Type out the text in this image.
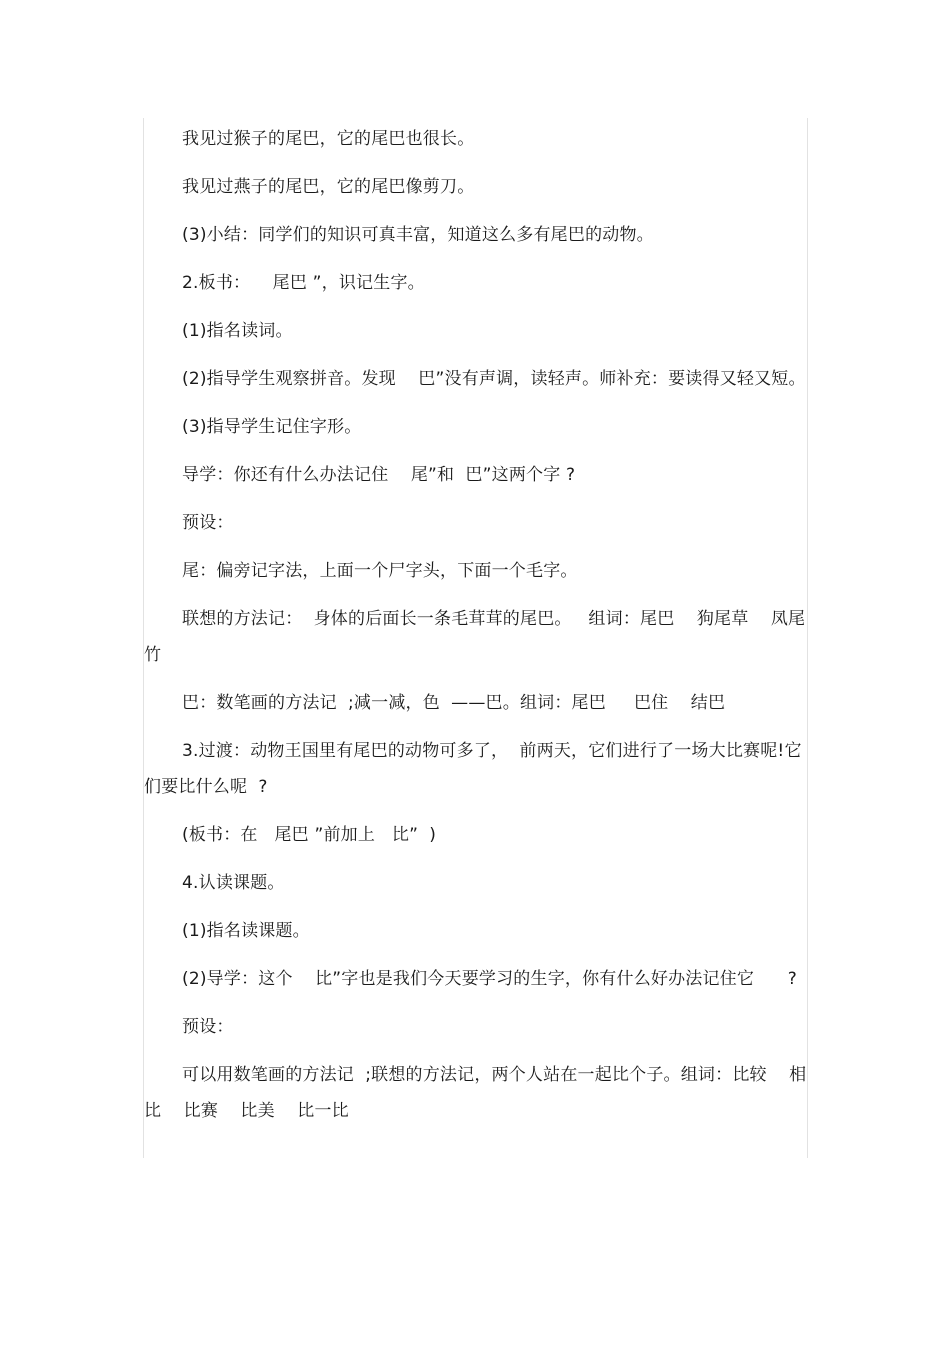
我见过猴子的尾巴，它的尾巴也很长。

我见过燕子的尾巴，它的尾巴像剪刀。

(3)小结：同学们的知识可真丰富，知道这么多有尾巴的动物。

2.板书：    尾巴 ”，识记生字。

(1)指名读词。

(2)指导学生观察拼音。发现    巴”没有声调，读轻声。师补充：要读得又轻又短。

(3)指导学生记住字形。

导学：你还有什么办法记住    尾”和  巴”这两个字 ?

预设：

尾：偏旁记字法，上面一个尸字头，下面一个毛字。

联想的方法记：  身体的后面长一条毛茸茸的尾巴。   组词：尾巴    狗尾草    凤尾竹

巴：数笔画的方法记  ;减一减，色  ——巴。组词：尾巴     巴住    结巴

3.过渡：动物王国里有尾巴的动物可多了，  前两天，它们进行了一场大比赛呢!它们要比什么呢  ?

(板书：在   尾巴 ”前加上   比”  )

4.认读课题。

(1)指名读课题。

(2)导学：这个    比”字也是我们今天要学习的生字，你有什么好办法记住它      ?

预设：

可以用数笔画的方法记  ;联想的方法记，两个人站在一起比个子。组词：比较    相比    比赛    比美    比一比
